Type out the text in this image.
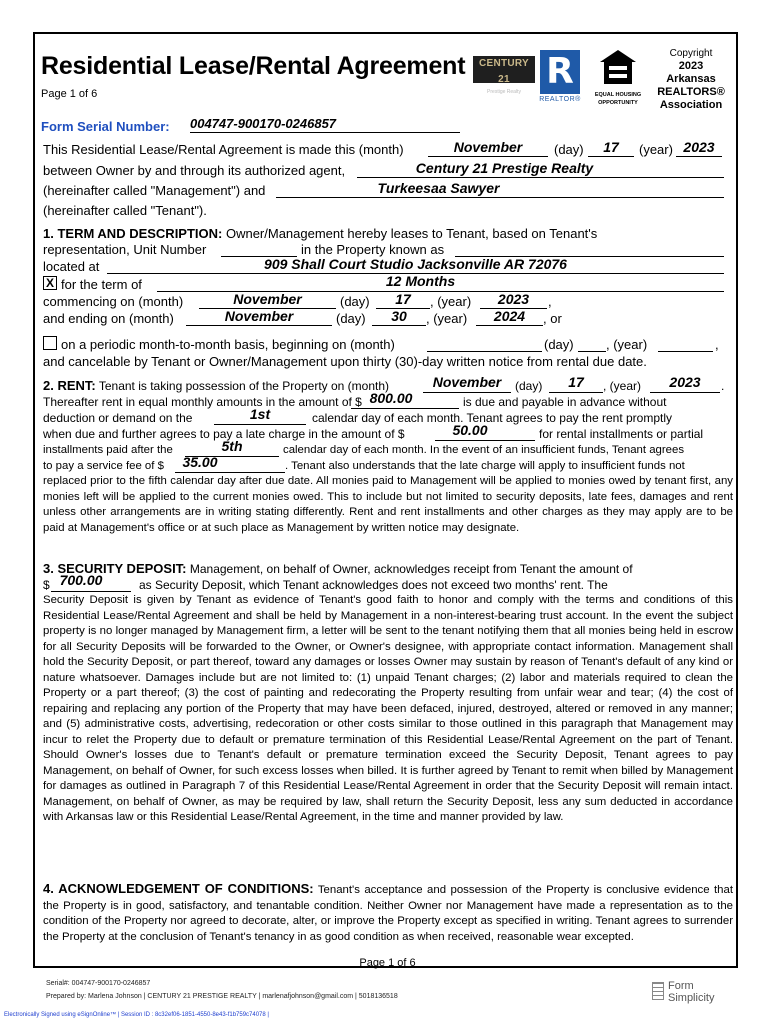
Residential Lease/Rental Agreement
Page 1 of 6
CENTURY 21
Prestige Realty R
REALTOR®
EQUAL HOUSING
OPPORTUNITY
Copyright
2023
Arkansas
REALTORS®
Association
Form Serial Number: 004747-900170-0246857
This Residential Lease/Rental Agreement is made this (month)	November	(day)	17	(year) 2023
between Owner by and through its authorized agent,	Century 21 Prestige Realty
(hereinafter called "Management") and	Turkeesaa Sawyer
(hereinafter called "Tenant").
1. TERM AND DESCRIPTION: Owner/Management hereby leases to Tenant, based on Tenant's
representation, Unit Number	in the Property known as
located at	909 Shall Court Studio Jacksonville AR 72076
X for the term of	12 Months
commencing on (month)	November	(day)	17	, (year)	2023	,
and ending on (month)	November	(day)	30	, (year)	2024	, or
on a periodic month-to-month basis, beginning on (month)	(day) , (year)	,
and cancelable by Tenant or Owner/Management upon thirty (30)-day written notice from rental due date.
2. RENT: Tenant is taking possession of the Property on (month)	November	(day)	17	, (year)	2023	.
Thereafter rent in equal monthly amounts in the amount of $ 800.00	is due and payable in advance without
deduction or demand on the	1st	calendar day of each month. Tenant agrees to pay the rent promptly
when due and further agrees to pay a late charge in the amount of $	50.00	for rental installments or partial
installments paid after the	5th	calendar day of each month. In the event of an insufficient funds, Tenant agrees
to pay a service fee of $	35.00	. Tenant also understands that the late charge will apply to insufficient funds not
replaced prior to the fifth calendar day after due date. All monies paid to Management will be applied to monies owed by tenant first, any monies left will be applied to the current monies owed. This to include but not limited to security deposits, late fees, damages and rent unless other arrangements are in writing stating differently. Rent and rent installments and other charges as they may apply are to be paid at Management's office or at such place as Management by written notice may designate.
3. SECURITY DEPOSIT: Management, on behalf of Owner, acknowledges receipt from Tenant the amount of
$ 700.00	as Security Deposit, which Tenant acknowledges does not exceed two months' rent. The
Security Deposit is given by Tenant as evidence of Tenant's good faith to honor and comply with the terms and conditions of this Residential Lease/Rental Agreement and shall be held by Management in a non-interest-bearing trust account. In the event the subject property is no longer managed by Management firm, a letter will be sent to the tenant notifying them that all monies being held in escrow for all Security Deposits will be forwarded to the Owner, or Owner's designee, with appropriate contact information. Management shall hold the Security Deposit, or part thereof, toward any damages or losses Owner may sustain by reason of Tenant's default of any kind or nature whatsoever. Damages include but are not limited to: (1) unpaid Tenant charges; (2) labor and materials required to clean the Property or a part thereof; (3) the cost of painting and redecorating the Property resulting from unfair wear and tear; (4) the cost of repairing and replacing any portion of the Property that may have been defaced, injured, destroyed, altered or removed in any manner; and (5) administrative costs, advertising, redecoration or other costs similar to those outlined in this paragraph that Management may incur to relet the Property due to default or premature termination of this Residential Lease/Rental Agreement on the part of Tenant. Should Owner's losses due to Tenant's default or premature termination exceed the Security Deposit, Tenant agrees to pay Management, on behalf of Owner, for such excess losses when billed. It is further agreed by Tenant to remit when billed by Management for damages as outlined in Paragraph 7 of this Residential Lease/Rental Agreement in order that the Security Deposit will remain intact. Management, on behalf of Owner, as may be required by law, shall return the Security Deposit, less any sum deducted in accordance with Arkansas law or this Residential Lease/Rental Agreement, in the time and manner provided by law.
4. ACKNOWLEDGEMENT OF CONDITIONS: Tenant's acceptance and possession of the Property is conclusive evidence that the Property is in good, satisfactory, and tenantable condition. Neither Owner nor Management have made a representation as to the condition of the Property nor agreed to decorate, alter, or improve the Property except as specified in writing. Tenant agrees to surrender the Property at the conclusion of Tenant's tenancy in as good condition as when received, reasonable wear excepted.
Page 1 of 6
Serial#: 004747-900170-0246857
Prepared by: Marlena Johnson | CENTURY 21 PRESTIGE REALTY | marlenafjohnson@gmail.com | 5018136518
Electronically Signed using eSignOnline™ | Session ID : 8c32ef06-1851-4550-8e43-f1b759c74078 |
Form
Simplicity
